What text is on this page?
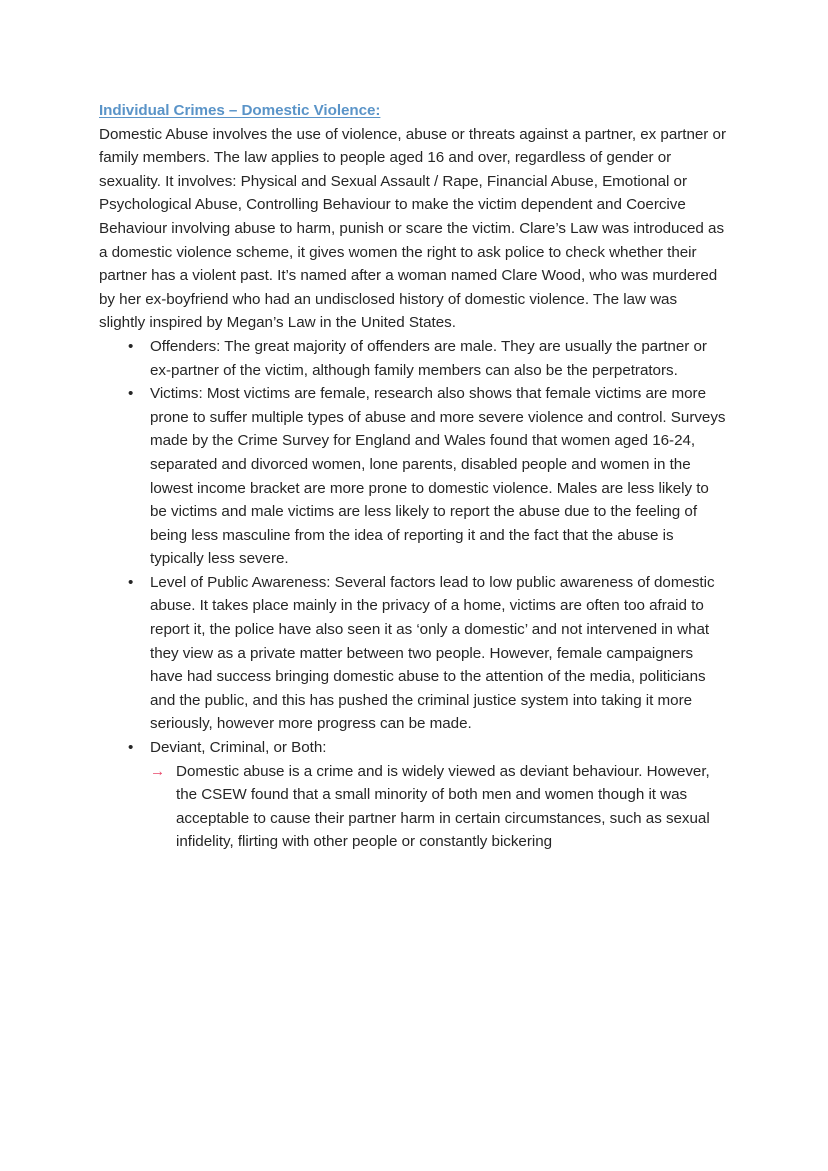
Individual Crimes – Domestic Violence:

Domestic Abuse involves the use of violence, abuse or threats against a partner, ex partner or family members. The law applies to people aged 16 and over, regardless of gender or sexuality. It involves: Physical and Sexual Assault / Rape, Financial Abuse, Emotional or Psychological Abuse, Controlling Behaviour to make the victim dependent and Coercive Behaviour involving abuse to harm, punish or scare the victim. Clare’s Law was introduced as a domestic violence scheme, it gives women the right to ask police to check whether their partner has a violent past. It’s named after a woman named Clare Wood, who was murdered by her ex-boyfriend who had an undisclosed history of domestic violence. The law was slightly inspired by Megan’s Law in the United States.

• Offenders: The great majority of offenders are male. They are usually the partner or ex-partner of the victim, although family members can also be the perpetrators.
• Victims: Most victims are female, research also shows that female victims are more prone to suffer multiple types of abuse and more severe violence and control. Surveys made by the Crime Survey for England and Wales found that women aged 16-24, separated and divorced women, lone parents, disabled people and women in the lowest income bracket are more prone to domestic violence. Males are less likely to be victims and male victims are less likely to report the abuse due to the feeling of being less masculine from the idea of reporting it and the fact that the abuse is typically less severe.
• Level of Public Awareness: Several factors lead to low public awareness of domestic abuse. It takes place mainly in the privacy of a home, victims are often too afraid to report it, the police have also seen it as ‘only a domestic’ and not intervened in what they view as a private matter between two people. However, female campaigners have had success bringing domestic abuse to the attention of the media, politicians and the public, and this has pushed the criminal justice system into taking it more seriously, however more progress can be made.
• Deviant, Criminal, or Both:
→ Domestic abuse is a crime and is widely viewed as deviant behaviour. However, the CSEW found that a small minority of both men and women though it was acceptable to cause their partner harm in certain circumstances, such as sexual infidelity, flirting with other people or constantly bickering
